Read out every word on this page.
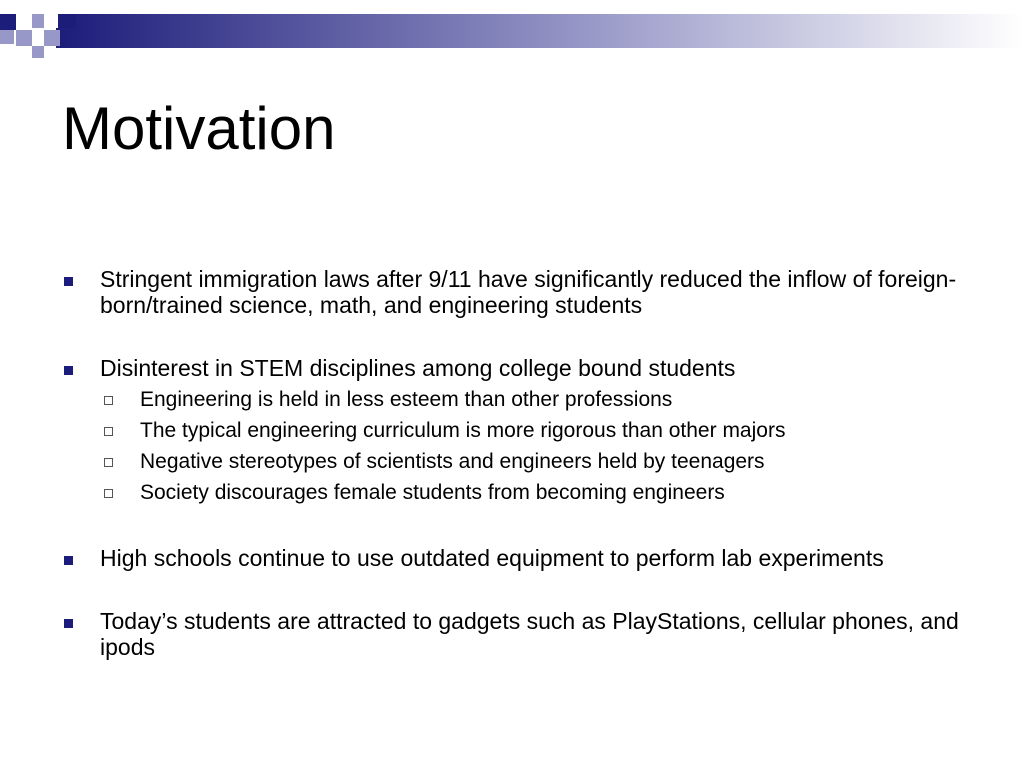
Motivation
Stringent immigration laws after 9/11 have significantly reduced the inflow of foreign-born/trained science, math, and engineering students
Disinterest in STEM disciplines among college bound students
Engineering is held in less esteem than other professions
The typical engineering curriculum is more rigorous than other majors
Negative stereotypes of scientists and engineers held by teenagers
Society discourages female students from becoming engineers
High schools continue to use outdated equipment to perform lab experiments
Today’s students are attracted to gadgets such as PlayStations, cellular phones, and ipods
